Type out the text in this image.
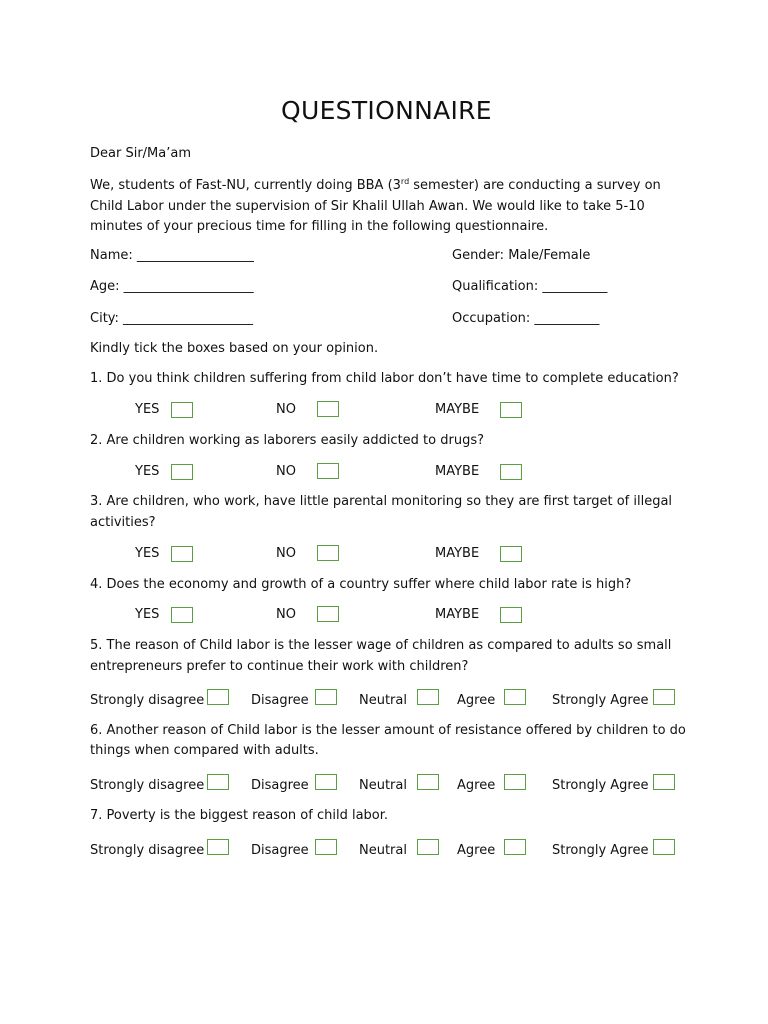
QUESTIONNAIRE
Dear Sir/Ma’am
We, students of Fast-NU, currently doing BBA (3rd semester) are conducting a survey on Child Labor under the supervision of Sir Khalil Ullah Awan. We would like to take 5-10 minutes of your precious time for filling in the following questionnaire.
Name: __________________	Gender: Male/Female
Age: ____________________	Qualification: __________
City: ____________________	Occupation: __________
Kindly tick the boxes based on your opinion.
1. Do you think children suffering from child labor don’t have time to complete education?
YES	NO	MAYBE
2. Are children working as laborers easily addicted to drugs?
YES	NO	MAYBE
3. Are children, who work, have little parental monitoring so they are first target of illegal
activities?
YES	NO	MAYBE
4. Does the economy and growth of a country suffer where child labor rate is high?
YES	NO	MAYBE
5. The reason of Child labor is the lesser wage of children as compared to adults so small
entrepreneurs prefer to continue their work with children?
Strongly disagree	Disagree	Neutral	Agree	Strongly Agree
6. Another reason of Child labor is the lesser amount of resistance offered by children to do
things when compared with adults.
Strongly disagree	Disagree	Neutral	Agree	Strongly Agree
7. Poverty is the biggest reason of child labor.
Strongly disagree	Disagree	Neutral	Agree	Strongly Agree
